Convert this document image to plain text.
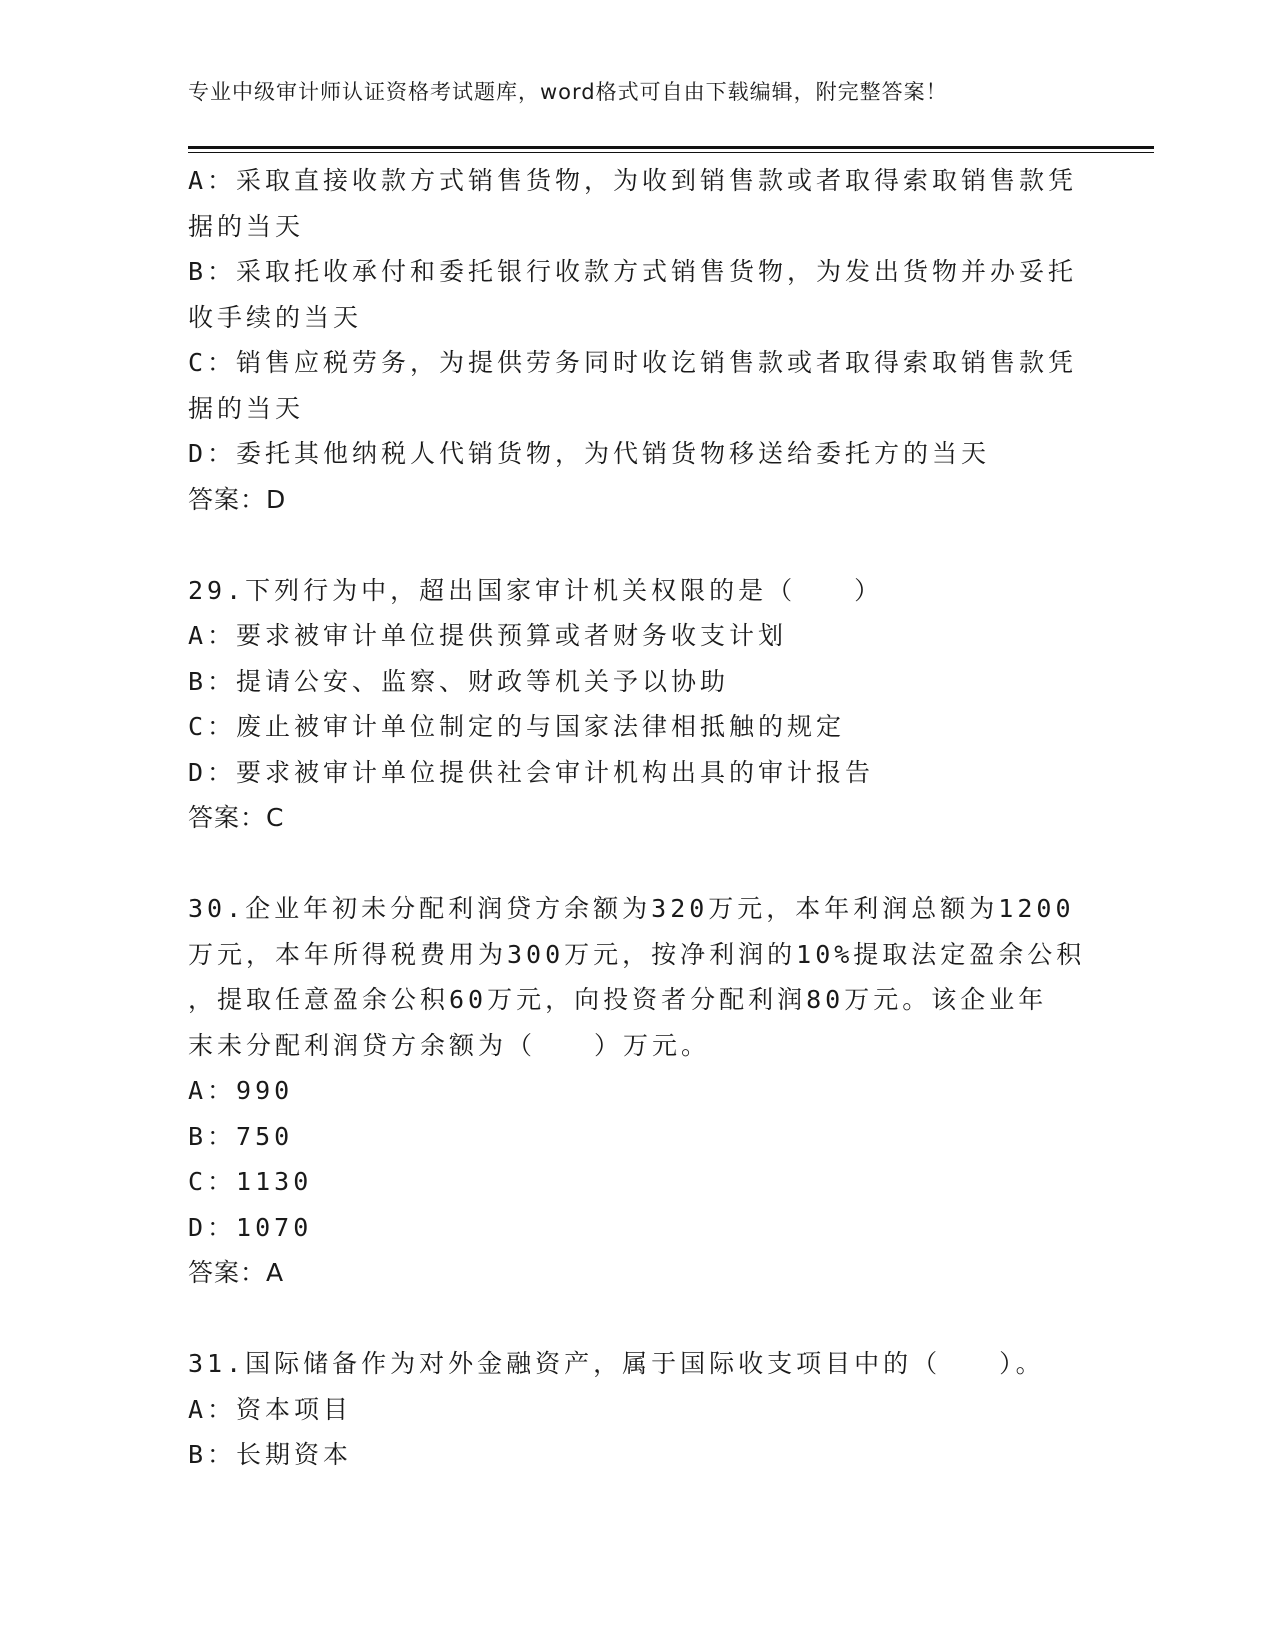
专业中级审计师认证资格考试题库，word格式可自由下载编辑，附完整答案！
A：采取直接收款方式销售货物，为收到销售款或者取得索取销售款凭
据的当天
B：采取托收承付和委托银行收款方式销售货物，为发出货物并办妥托
收手续的当天
C：销售应税劳务，为提供劳务同时收讫销售款或者取得索取销售款凭
据的当天
D：委托其他纳税人代销货物，为代销货物移送给委托方的当天
答案：D
29.下列行为中，超出国家审计机关权限的是（　　）
A：要求被审计单位提供预算或者财务收支计划
B：提请公安、监察、财政等机关予以协助
C：废止被审计单位制定的与国家法律相抵触的规定
D：要求被审计单位提供社会审计机构出具的审计报告
答案：C
30.企业年初未分配利润贷方余额为320万元，本年利润总额为1200
万元，本年所得税费用为300万元，按净利润的10%提取法定盈余公积
，提取任意盈余公积60万元，向投资者分配利润80万元。该企业年
末未分配利润贷方余额为（　　）万元。
A：990
B：750
C：1130
D：1070
答案：A
31.国际储备作为对外金融资产，属于国际收支项目中的（　　）。
A：资本项目
B：长期资本
